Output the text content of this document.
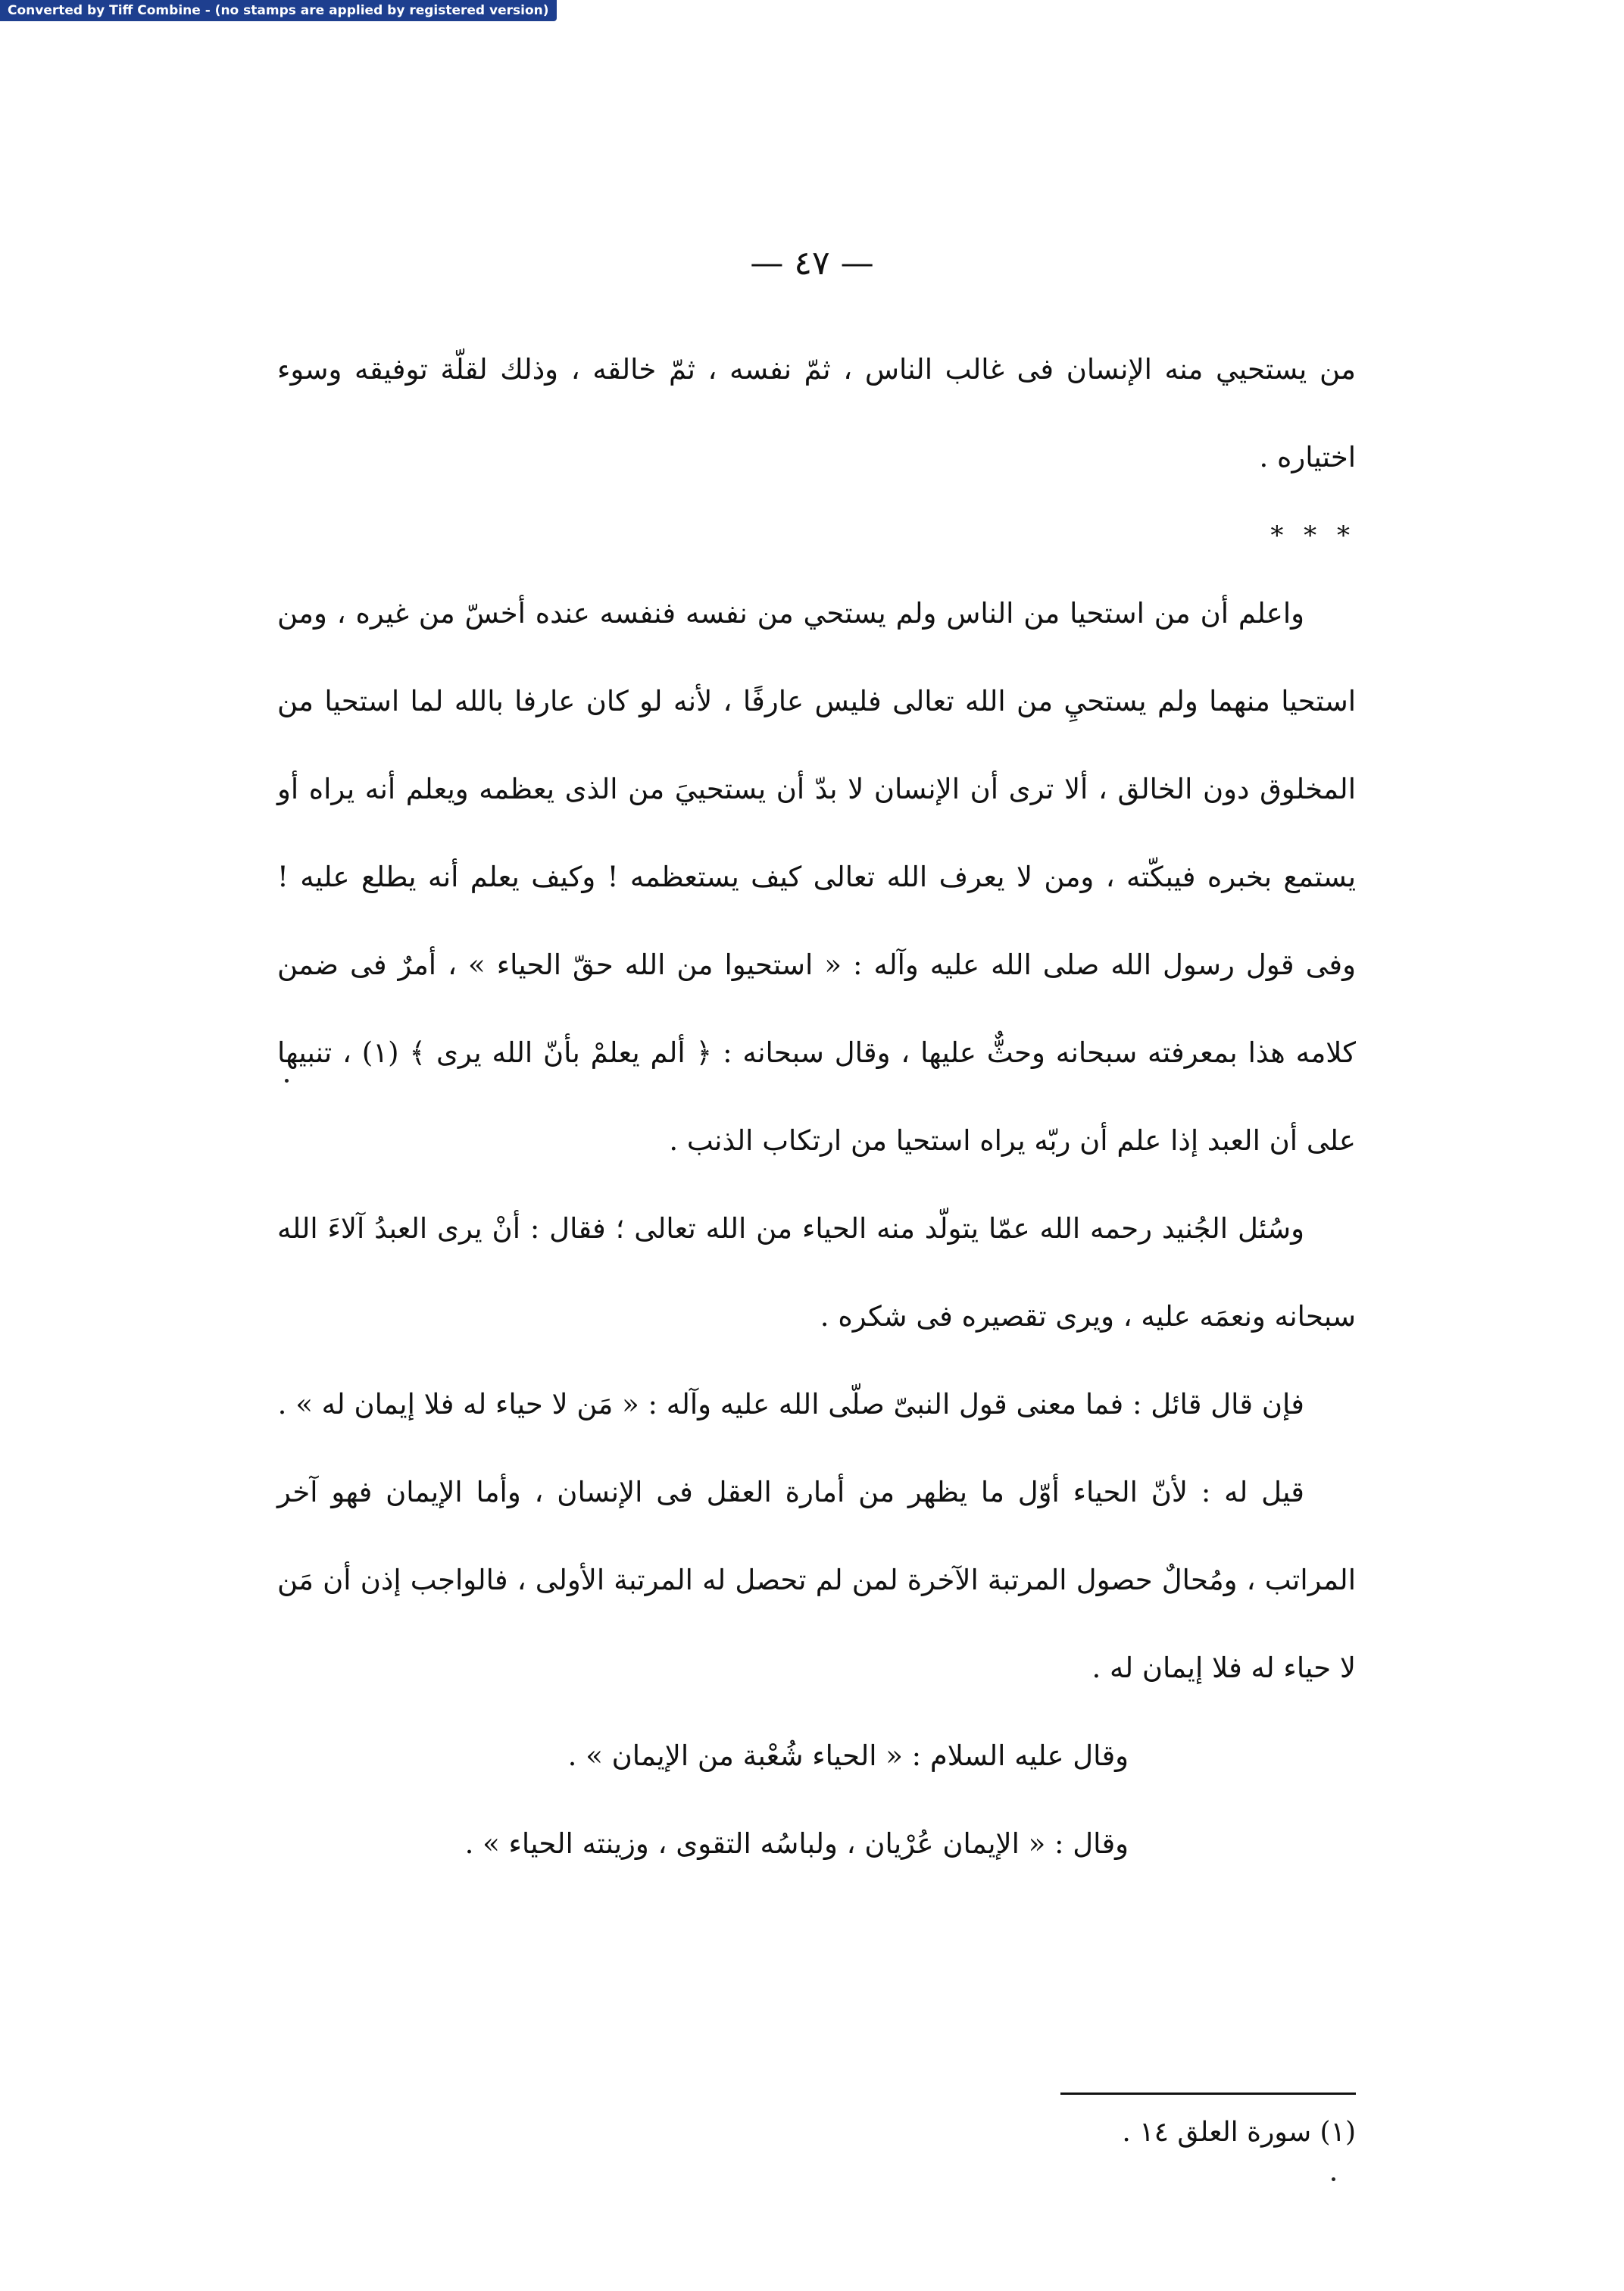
Converted by Tiff Combine - (no stamps are applied by registered version)
— ٤٧ —

من يستحيي منه الإنسان فى غالب الناس ، ثمّ نفسه ، ثمّ خالقه ، وذلك لقلّة توفيقه وسوء اختياره .

* * *

واعلم أن من استحيا من الناس ولم يستحي من نفسه فنفسه عنده أخسّ من غيره ، ومن استحيا منهما ولم يستحيِ من الله تعالى فليس عارفًا ، لأنه لو كان عارفا بالله لما استحيا من المخلوق دون الخالق ، ألا ترى أن الإنسان لا بدّ أن يستحييَ من الذى يعظمه ويعلم أنه يراه أو يستمع بخبره فيبكّته ، ومن لا يعرف الله تعالى كيف يستعظمه ! وكيف يعلم أنه يطلع عليه ! وفى قول رسول الله صلى الله عليه وآله : « استحيوا من الله حقّ الحياء » ، أمرٌ فى ضمن كلامه هذا بمعرفته سبحانه وحثٌّ عليها ، وقال سبحانه : ﴿ ألم يعلمْ بأنّ الله يرى ﴾ (١) ، تنبيها على أن العبد إذا علم أن ربّه يراه استحيا من ارتكاب الذنب .

وسُئل الجُنيد رحمه الله عمّا يتولّد منه الحياء من الله تعالى ؛ فقال : أنْ يرى العبدُ آلاءَ الله سبحانه ونعمَه عليه ، ويرى تقصيره فى شكره .

فإن قال قائل : فما معنى قول النبىّ صلّى الله عليه وآله : « مَن لا حياء له فلا إيمان له » .

قيل له : لأنّ الحياء أوّل ما يظهر من أمارة العقل فى الإنسان ، وأما الإيمان فهو آخر المراتب ، ومُحالٌ حصول المرتبة الآخرة لمن لم تحصل له المرتبة الأولى ، فالواجب إذن أن مَن لا حياء له فلا إيمان له .

وقال عليه السلام : « الحياء شُعْبة من الإيمان » .

وقال : « الإيمان عُرْيان ، ولباسُه التقوى ، وزينته الحياء » .

(١) سورة العلق ١٤ .
